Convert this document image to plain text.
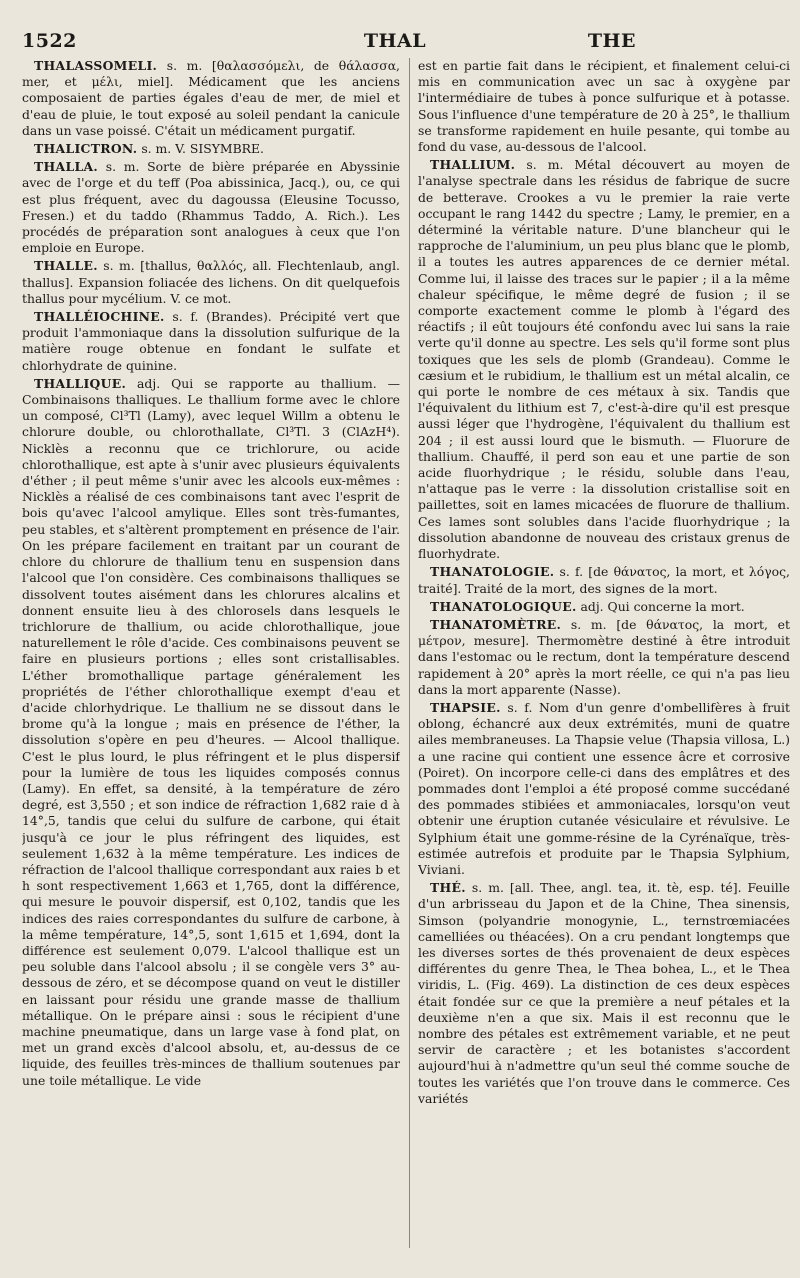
1522	THAL	THE

THALASSOMELI. s. m. [θαλασσόμελι, de θάλασσα, mer, et μέλι, miel]. Médicament que les anciens composaient de parties égales d'eau de mer, de miel et d'eau de pluie, le tout exposé au soleil pendant la canicule dans un vase poissé. C'était un médicament purgatif.

THALICTRON. s. m. V. SISYMBRE.

THALLA. s. m. Sorte de bière préparée en Abyssinie avec de l'orge et du teff (Poa abissinica, Jacq.), ou, ce qui est plus fréquent, avec du dagoussa (Eleusine Tocusso, Fresen.) et du taddo (Rhammus Taddo, A. Rich.). Les procédés de préparation sont analogues à ceux que l'on emploie en Europe.

THALLE. s. m. [thallus, θαλλός, all. Flechtenlaub, angl. thallus]. Expansion foliacée des lichens. On dit quelquefois thallus pour mycélium. V. ce mot.

THALLÉIOCHINE. s. f. (Brandes). Précipité vert que produit l'ammoniaque dans la dissolution sulfurique de la matière rouge obtenue en fondant le sulfate et chlorhydrate de quinine.

THALLIQUE. adj. Qui se rapporte au thallium. — Combinaisons thalliques. Le thallium forme avec le chlore un composé, Cl³Tl (Lamy), avec lequel Willm a obtenu le chlorure double, ou chlorothallate, Cl³Tl. 3 (ClAzH⁴). Nicklès a reconnu que ce trichlorure, ou acide chlorothallique, est apte à s'unir avec plusieurs équivalents d'éther ; il peut même s'unir avec les alcools eux-mêmes : Nicklès a réalisé de ces combinaisons tant avec l'esprit de bois qu'avec l'alcool amylique. Elles sont très-fumantes, peu stables, et s'altèrent promptement en présence de l'air. On les prépare facilement en traitant par un courant de chlore du chlorure de thallium tenu en suspension dans l'alcool que l'on considère. Ces combinaisons thalliques se dissolvent toutes aisément dans les chlorures alcalins et donnent ensuite lieu à des chlorosels dans lesquels le trichlorure de thallium, ou acide chlorothallique, joue naturellement le rôle d'acide. Ces combinaisons peuvent se faire en plusieurs portions ; elles sont cristallisables. L'éther bromothallique partage généralement les propriétés de l'éther chlorothallique exempt d'eau et d'acide chlorhydrique. Le thallium ne se dissout dans le brome qu'à la longue ; mais en présence de l'éther, la dissolution s'opère en peu d'heures. — Alcool thallique. C'est le plus lourd, le plus réfringent et le plus dispersif pour la lumière de tous les liquides composés connus (Lamy). En effet, sa densité, à la température de zéro degré, est 3,550 ; et son indice de réfraction 1,682 raie d à 14°,5, tandis que celui du sulfure de carbone, qui était jusqu'à ce jour le plus réfringent des liquides, est seulement 1,632 à la même température. Les indices de réfraction de l'alcool thallique correspondant aux raies b et h sont respectivement 1,663 et 1,765, dont la différence, qui mesure le pouvoir dispersif, est 0,102, tandis que les indices des raies correspondantes du sulfure de carbone, à la même température, 14°,5, sont 1,615 et 1,694, dont la différence est seulement 0,079. L'alcool thallique est un peu soluble dans l'alcool absolu ; il se congèle vers 3° au-dessous de zéro, et se décompose quand on veut le distiller en laissant pour résidu une grande masse de thallium métallique. On le prépare ainsi : sous le récipient d'une machine pneumatique, dans un large vase à fond plat, on met un grand excès d'alcool absolu, et, au-dessus de ce liquide, des feuilles très-minces de thallium soutenues par une toile métallique. Le vide

est en partie fait dans le récipient, et finalement celui-ci mis en communication avec un sac à oxygène par l'intermédiaire de tubes à ponce sulfurique et à potasse. Sous l'influence d'une température de 20 à 25°, le thallium se transforme rapidement en huile pesante, qui tombe au fond du vase, au-dessous de l'alcool.

THALLIUM. s. m. Métal découvert au moyen de l'analyse spectrale dans les résidus de fabrique de sucre de betterave. Crookes a vu le premier la raie verte occupant le rang 1442 du spectre ; Lamy, le premier, en a déterminé la véritable nature. D'une blancheur qui le rapproche de l'aluminium, un peu plus blanc que le plomb, il a toutes les autres apparences de ce dernier métal. Comme lui, il laisse des traces sur le papier ; il a la même chaleur spécifique, le même degré de fusion ; il se comporte exactement comme le plomb à l'égard des réactifs ; il eût toujours été confondu avec lui sans la raie verte qu'il donne au spectre. Les sels qu'il forme sont plus toxiques que les sels de plomb (Grandeau). Comme le cæsium et le rubidium, le thallium est un métal alcalin, ce qui porte le nombre de ces métaux à six. Tandis que l'équivalent du lithium est 7, c'est-à-dire qu'il est presque aussi léger que l'hydrogène, l'équivalent du thallium est 204 ; il est aussi lourd que le bismuth. — Fluorure de thallium. Chauffé, il perd son eau et une partie de son acide fluorhydrique ; le résidu, soluble dans l'eau, n'attaque pas le verre : la dissolution cristallise soit en paillettes, soit en lames micacées de fluorure de thallium. Ces lames sont solubles dans l'acide fluorhydrique ; la dissolution abandonne de nouveau des cristaux grenus de fluorhydrate.

THANATOLOGIE. s. f. [de θάνατος, la mort, et λόγος, traité]. Traité de la mort, des signes de la mort.

THANATOLOGIQUE. adj. Qui concerne la mort.

THANATOMÈTRE. s. m. [de θάνατος, la mort, et μέτρον, mesure]. Thermomètre destiné à être introduit dans l'estomac ou le rectum, dont la température descend rapidement à 20° après la mort réelle, ce qui n'a pas lieu dans la mort apparente (Nasse).

THAPSIE. s. f. Nom d'un genre d'ombellifères à fruit oblong, échancré aux deux extrémités, muni de quatre ailes membraneuses. La Thapsie velue (Thapsia villosa, L.) a une racine qui contient une essence âcre et corrosive (Poiret). On incorpore celle-ci dans des emplâtres et des pommades dont l'emploi a été proposé comme succédané des pommades stibiées et ammoniacales, lorsqu'on veut obtenir une éruption cutanée vésiculaire et révulsive. Le Sylphium était une gomme-résine de la Cyrénaïque, très-estimée autrefois et produite par le Thapsia Sylphium, Viviani.

THÉ. s. m. [all. Thee, angl. tea, it. tè, esp. té]. Feuille d'un arbrisseau du Japon et de la Chine, Thea sinensis, Simson (polyandrie monogynie, L., ternstrœmiacées camelliées ou théacées). On a cru pendant longtemps que les diverses sortes de thés provenaient de deux espèces différentes du genre Thea, le Thea bohea, L., et le Thea viridis, L. (Fig. 469). La distinction de ces deux espèces était fondée sur ce que la première a neuf pétales et la deuxième n'en a que six. Mais il est reconnu que le nombre des pétales est extrêmement variable, et ne peut servir de caractère ; et les botanistes s'accordent aujourd'hui à n'admettre qu'un seul thé comme souche de toutes les variétés que l'on trouve dans le commerce. Ces variétés
